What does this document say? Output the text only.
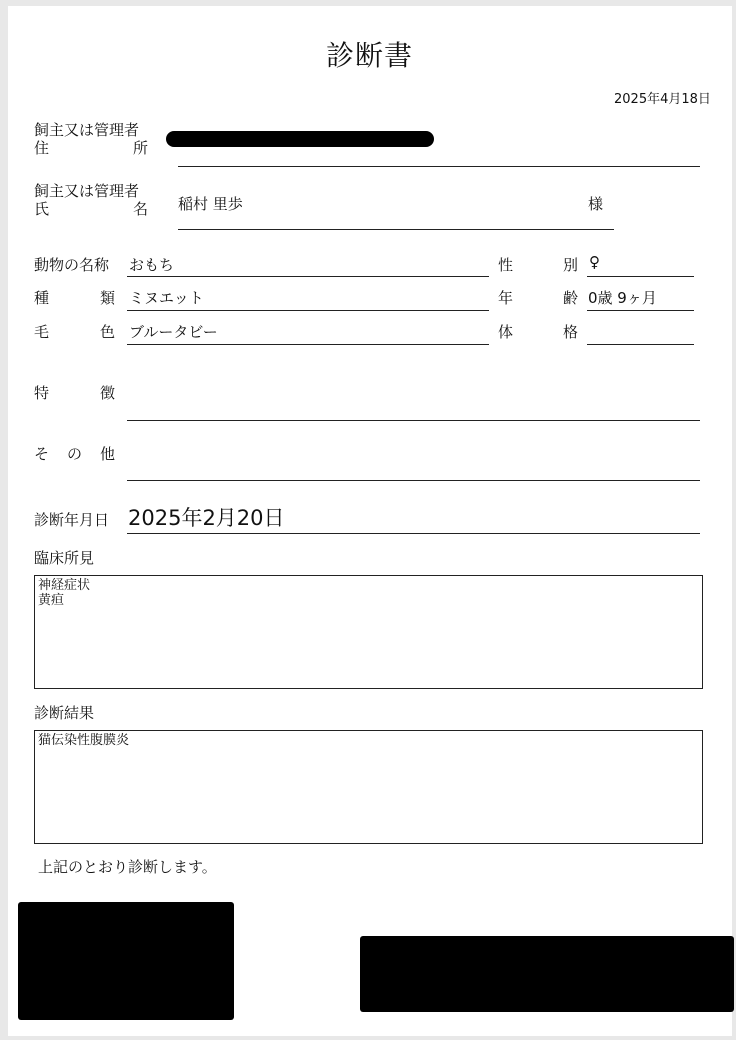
診断書
2025年4月18日
飼主又は管理者
住	所
飼主又は管理者
氏	名 稲村 里歩	様
動物の名称 おもち
種	類 ミヌエット
毛	色 ブルータビー
性	別 ♀
年	齢 0歳 9ヶ月
体	格
特	徴
そ の 他
診断年月日 2025年2月20日
臨床所見
神経症状
黄疸
診断結果
猫伝染性腹膜炎
上記のとおり診断します。
